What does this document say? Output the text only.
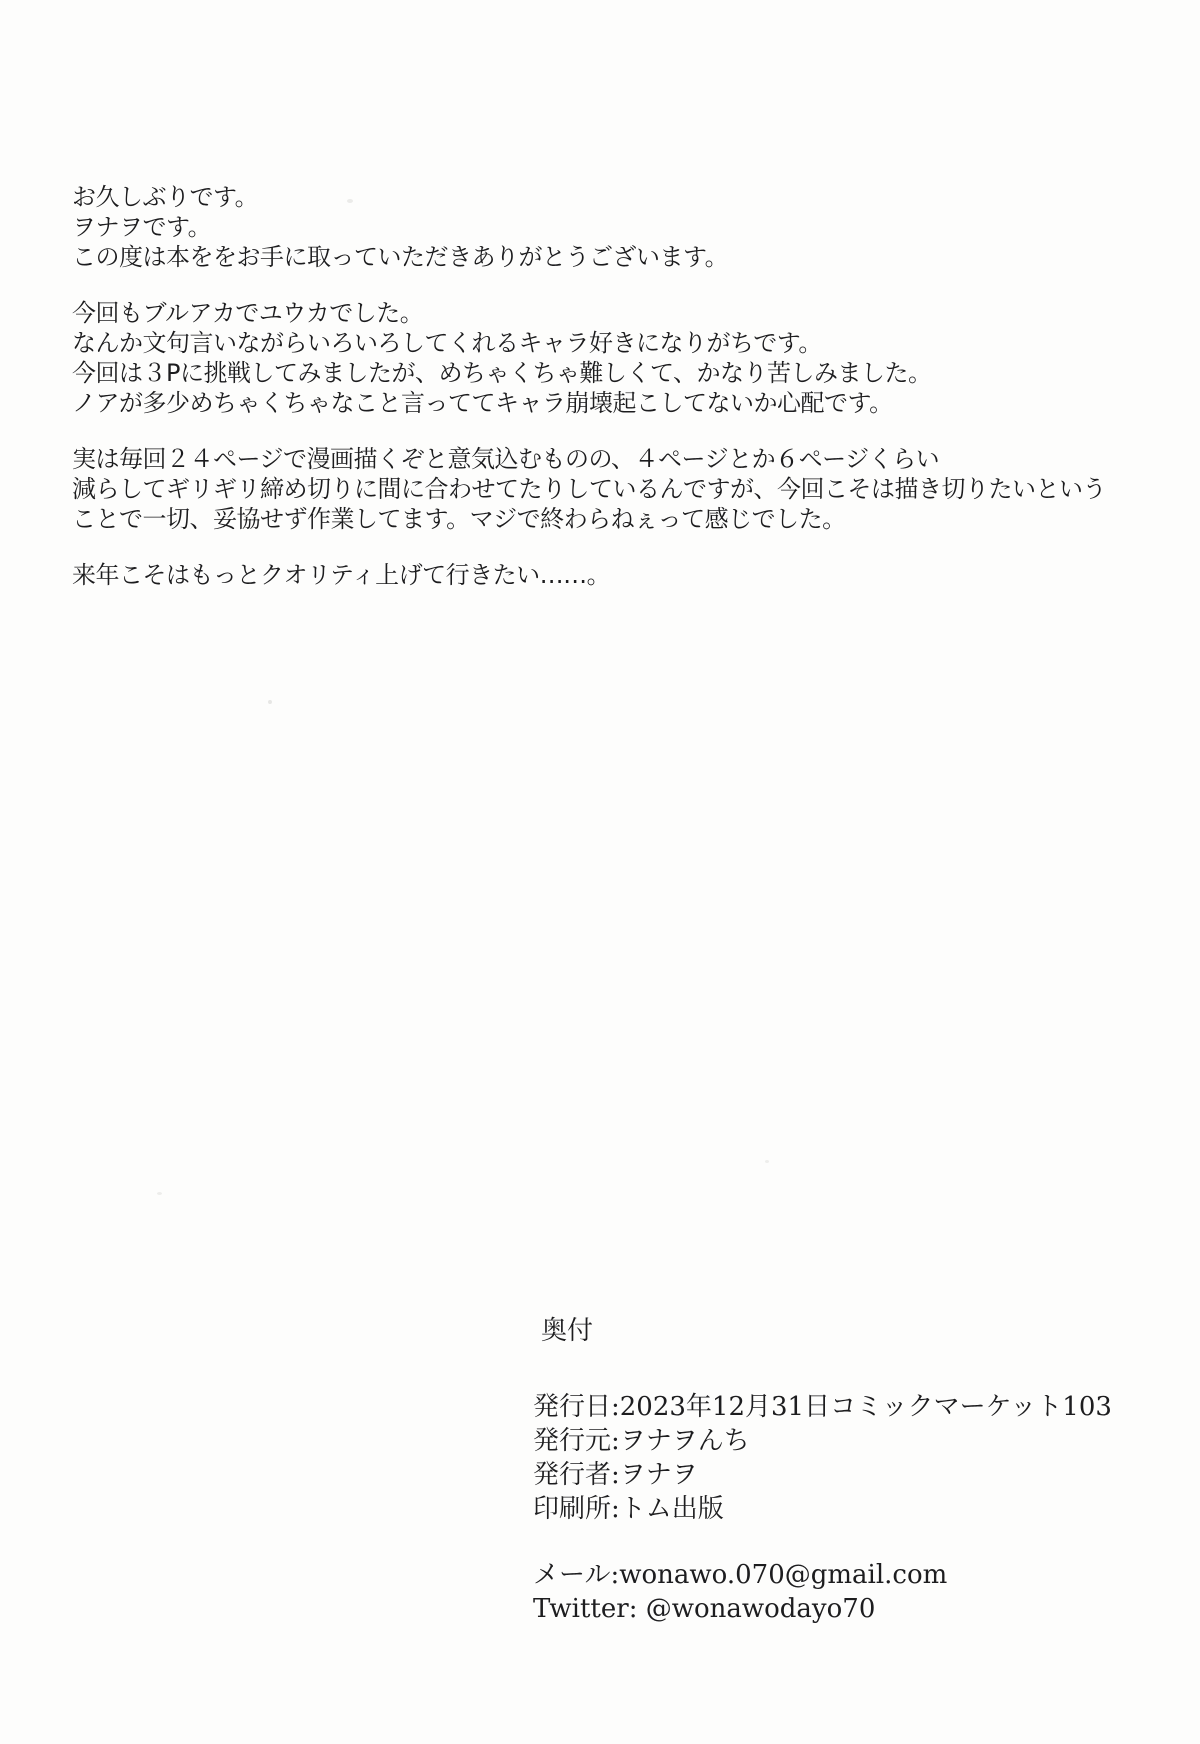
お久しぶりです。
ヲナヲです。
この度は本ををお手に取っていただきありがとうございます。

今回もブルアカでユウカでした。
なんか文句言いながらいろいろしてくれるキャラ好きになりがちです。
今回は３Pに挑戦してみましたが、めちゃくちゃ難しくて、かなり苦しみました。
ノアが多少めちゃくちゃなこと言っててキャラ崩壊起こしてないか心配です。

実は毎回２４ページで漫画描くぞと意気込むものの、４ページとか６ページくらい
減らしてギリギリ締め切りに間に合わせてたりしているんですが、今回こそは描き切りたいという
ことで一切、妥協せず作業してます。マジで終わらねぇって感じでした。

来年こそはもっとクオリティ上げて行きたい……。

奥付
発行日:2023年12月31日コミックマーケット103
発行元:ヲナヲんち
発行者:ヲナヲ
印刷所:トム出版
メール:wonawo.070@gmail.com
Twitter: @wonawodayo70
